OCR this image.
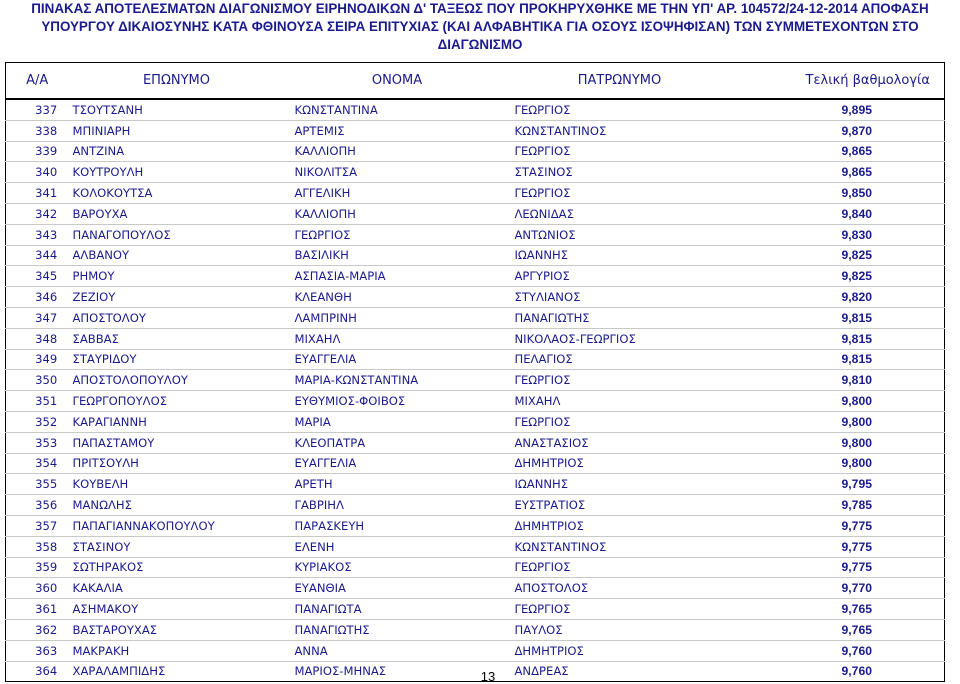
ΠΙΝΑΚΑΣ ΑΠΟΤΕΛΕΣΜΑΤΩΝ ΔΙΑΓΩΝΙΣΜΟΥ ΕΙΡΗΝΟΔΙΚΩΝ Δ' ΤΑΞΕΩΣ ΠΟΥ ΠΡΟΚΗΡΥΧΘΗΚΕ ΜΕ ΤΗΝ ΥΠ' ΑΡ. 104572/24-12-2014 ΑΠΟΦΑΣΗ
ΥΠΟΥΡΓΟΥ ΔΙΚΑΙΟΣΥΝΗΣ ΚΑΤΑ ΦΘΙΝΟΥΣΑ ΣΕΙΡΑ ΕΠΙΤΥΧΙΑΣ (ΚΑΙ ΑΛΦΑΒΗΤΙΚΑ ΓΙΑ ΟΣΟΥΣ ΙΣΟΨΗΦΙΣΑΝ) ΤΩΝ ΣΥΜΜΕΤΕΧΟΝΤΩΝ ΣΤΟ
ΔΙΑΓΩΝΙΣΜΟ
Α/Α	ΕΠΩΝΥΜΟ	ΟΝΟΜΑ	ΠΑΤΡΩΝΥΜΟ	Τελική βαθμολογία
337	ΤΣΟΥΤΣΑΝΗ	ΚΩΝΣΤΑΝΤΙΝΑ	ΓΕΩΡΓΙΟΣ	9,895
338	ΜΠΙΝΙΑΡΗ	ΑΡΤΕΜΙΣ	ΚΩΝΣΤΑΝΤΙΝΟΣ	9,870
339	ΑΝΤΖΙΝΑ	ΚΑΛΛΙΟΠΗ	ΓΕΩΡΓΙΟΣ	9,865
340	ΚΟΥΤΡΟΥΛΗ	ΝΙΚΟΛΙΤΣΑ	ΣΤΑΣΙΝΟΣ	9,865
341	ΚΟΛΟΚΟΥΤΣΑ	ΑΓΓΕΛΙΚΗ	ΓΕΩΡΓΙΟΣ	9,850
342	ΒΑΡΟΥΧΑ	ΚΑΛΛΙΟΠΗ	ΛΕΩΝΙΔΑΣ	9,840
343	ΠΑΝΑΓΟΠΟΥΛΟΣ	ΓΕΩΡΓΙΟΣ	ΑΝΤΩΝΙΟΣ	9,830
344	ΑΛΒΑΝΟΥ	ΒΑΣΙΛΙΚΗ	ΙΩΑΝΝΗΣ	9,825
345	ΡΗΜΟΥ	ΑΣΠΑΣΙΑ-ΜΑΡΙΑ	ΑΡΓΥΡΙΟΣ	9,825
346	ΖΕΖΙΟΥ	ΚΛΕΑΝΘΗ	ΣΤΥΛΙΑΝΟΣ	9,820
347	ΑΠΟΣΤΟΛΟΥ	ΛΑΜΠΡΙΝΗ	ΠΑΝΑΓΙΩΤΗΣ	9,815
348	ΣΑΒΒΑΣ	ΜΙΧΑΗΛ	ΝΙΚΟΛΑΟΣ-ΓΕΩΡΓΙΟΣ	9,815
349	ΣΤΑΥΡΙΔΟΥ	ΕΥΑΓΓΕΛΙΑ	ΠΕΛΑΓΙΟΣ	9,815
350	ΑΠΟΣΤΟΛΟΠΟΥΛΟΥ	ΜΑΡΙΑ-ΚΩΝΣΤΑΝΤΙΝΑ	ΓΕΩΡΓΙΟΣ	9,810
351	ΓΕΩΡΓΟΠΟΥΛΟΣ	ΕΥΘΥΜΙΟΣ-ΦΟΙΒΟΣ	ΜΙΧΑΗΛ	9,800
352	ΚΑΡΑΓΙΑΝΝΗ	ΜΑΡΙΑ	ΓΕΩΡΓΙΟΣ	9,800
353	ΠΑΠΑΣΤΑΜΟΥ	ΚΛΕΟΠΑΤΡΑ	ΑΝΑΣΤΑΣΙΟΣ	9,800
354	ΠΡΙΤΣΟΥΛΗ	ΕΥΑΓΓΕΛΙΑ	ΔΗΜΗΤΡΙΟΣ	9,800
355	ΚΟΥΒΕΛΗ	ΑΡΕΤΗ	ΙΩΑΝΝΗΣ	9,795
356	ΜΑΝΩΛΗΣ	ΓΑΒΡΙΗΛ	ΕΥΣΤΡΑΤΙΟΣ	9,785
357	ΠΑΠΑΓΙΑΝΝΑΚΟΠΟΥΛΟΥ	ΠΑΡΑΣΚΕΥΗ	ΔΗΜΗΤΡΙΟΣ	9,775
358	ΣΤΑΣΙΝΟΥ	ΕΛΕΝΗ	ΚΩΝΣΤΑΝΤΙΝΟΣ	9,775
359	ΣΩΤΗΡΑΚΟΣ	ΚΥΡΙΑΚΟΣ	ΓΕΩΡΓΙΟΣ	9,775
360	ΚΑΚΑΛΙΑ	ΕΥΑΝΘΙΑ	ΑΠΟΣΤΟΛΟΣ	9,770
361	ΑΣΗΜΑΚΟΥ	ΠΑΝΑΓΙΩΤΑ	ΓΕΩΡΓΙΟΣ	9,765
362	ΒΑΣΤΑΡΟΥΧΑΣ	ΠΑΝΑΓΙΩΤΗΣ	ΠΑΥΛΟΣ	9,765
363	ΜΑΚΡΑΚΗ	ΑΝΝΑ	ΔΗΜΗΤΡΙΟΣ	9,760
364	ΧΑΡΑΛΑΜΠΙΔΗΣ	ΜΑΡΙΟΣ-ΜΗΝΑΣ	ΑΝΔΡΕΑΣ	9,760
13
